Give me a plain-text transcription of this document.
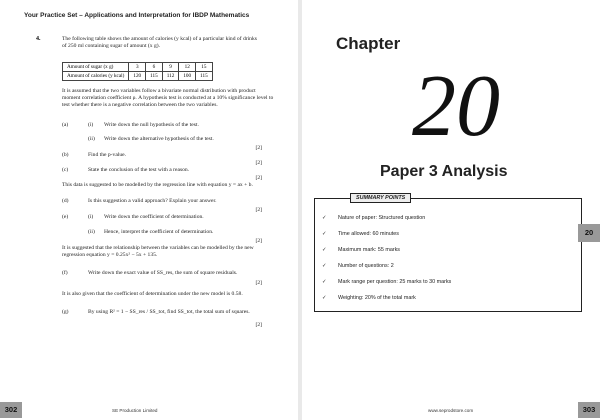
Your Practice Set – Applications and Interpretation for IBDP Mathematics
4.	The following table shows the amount of calories (y kcal) of a particular kind of drinks of 250 ml containing sugar of amount (x g).
Amount of sugar (x g)	3	6	9	12	15
Amount of calories (y kcal)	120	115	112	100	115
It is assumed that the two variables follow a bivariate normal distribution with product moment correlation coefficient ρ. A hypothesis test is conducted at a 10% significance level to test whether there is a negative correlation between the two variables.
(a)	(i) Write down the null hypothesis of the test.
(ii) Write down the alternative hypothesis of the test.
[2]
(b)	Find the p-value.
[2]
(c)	State the conclusion of the test with a reason.
[2]
This data is suggested to be modelled by the regression line with equation y = ax + b.
(d)	Is this suggestion a valid approach? Explain your answer.
[2]
(e)	(i) Write down the coefficient of determination.
(ii) Hence, interpret the coefficient of determination.
[2]
It is suggested that the relationship between the variables can be modelled by the new regression equation y = 0.25x² − 5x + 135.
(f)	Write down the exact value of SS_res, the sum of square residuals.
[2]
It is also given that the coefficient of determination under the new model is 0.58.
(g)	By using R² = 1 − SS_res / SS_tot, find SS_tot, the total sum of squares.
[2]
302	SE Production Limited
Chapter
20
Paper 3 Analysis
SUMMARY POINTS
✓ Nature of paper: Structured question
✓ Time allowed: 60 minutes
✓ Maximum mark: 55 marks
✓ Number of questions: 2
✓ Mark range per question: 25 marks to 30 marks
✓ Weighting: 20% of the total mark
20
303
www.seprodstore.com
